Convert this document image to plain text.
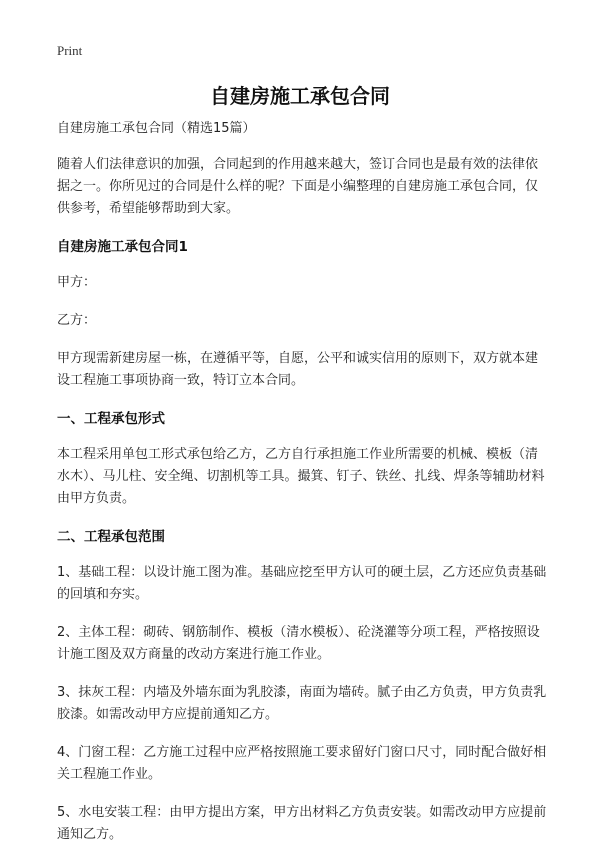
Print
自建房施工承包合同

自建房施工承包合同（精选15篇）

随着人们法律意识的加强，合同起到的作用越来越大，签订合同也是最有效的法律依据之一。你所见过的合同是什么样的呢？下面是小编整理的自建房施工承包合同，仅供参考，希望能够帮助到大家。

自建房施工承包合同1

甲方：

乙方：

甲方现需新建房屋一栋，在遵循平等，自愿，公平和诚实信用的原则下，双方就本建设工程施工事项协商一致，特订立本合同。

一、工程承包形式

本工程采用单包工形式承包给乙方，乙方自行承担施工作业所需要的机械、模板（清水木）、马儿柱、安全绳、切割机等工具。撮箕、钉子、铁丝、扎线、焊条等辅助材料由甲方负责。

二、工程承包范围

1、基础工程：以设计施工图为准。基础应挖至甲方认可的硬土层，乙方还应负责基础的回填和夯实。

2、主体工程：砌砖、钢筋制作、模板（清水模板）、砼浇灌等分项工程，严格按照设计施工图及双方商量的改动方案进行施工作业。

3、抹灰工程：内墙及外墙东面为乳胶漆，南面为墙砖。腻子由乙方负责，甲方负责乳胶漆。如需改动甲方应提前通知乙方。

4、门窗工程：乙方施工过程中应严格按照施工要求留好门窗口尺寸，同时配合做好相关工程施工作业。

5、水电安装工程：由甲方提出方案，甲方出材料乙方负责安装。如需改动甲方应提前通知乙方。
